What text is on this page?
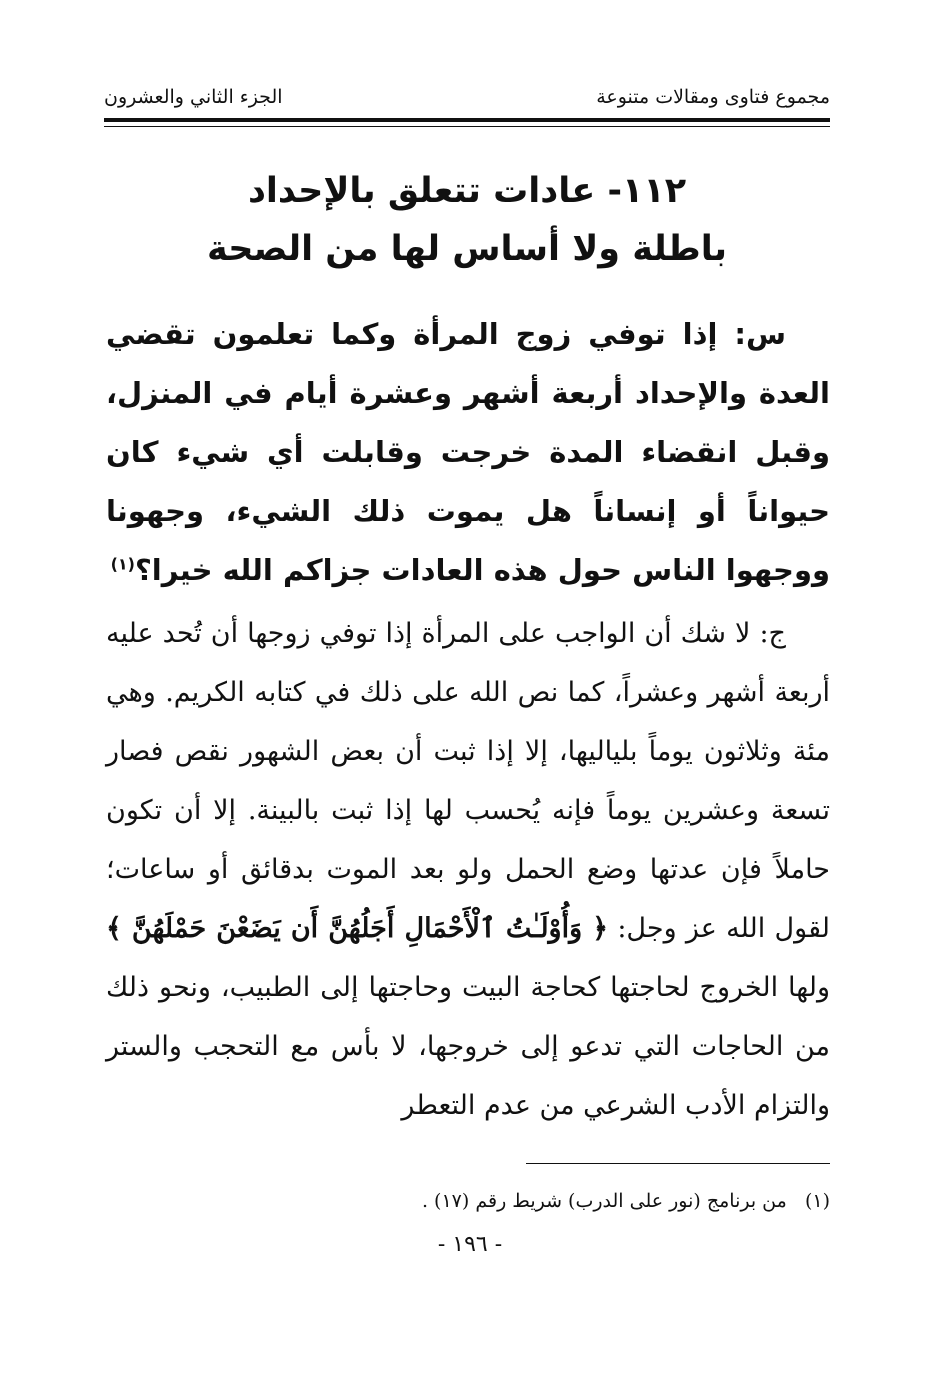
مجموع فتاوى ومقالات متنوعة
الجزء الثاني والعشرون
١١٢- عادات تتعلق بالإحداد
باطلة ولا أساس لها من الصحة
س: إذا توفي زوج المرأة وكما تعلمون تقضي العدة والإحداد أربعة أشهر وعشرة أيام في المنزل، وقبل انقضاء المدة خرجت وقابلت أي شيء كان حيواناً أو إنساناً هل يموت ذلك الشيء، وجهونا ووجهوا الناس حول هذه العادات جزاكم الله خيرا؟$^{(١)}$
ج: لا شك أن الواجب على المرأة إذا توفي زوجها أن تُحد عليه أربعة أشهر وعشراً، كما نص الله على ذلك في كتابه الكريم. وهي مئة وثلاثون يوماً بلياليها، إلا إذا ثبت أن بعض الشهور نقص فصار تسعة وعشرين يوماً فإنه يُحسب لها إذا ثبت بالبينة. إلا أن تكون حاملاً فإن عدتها وضع الحمل ولو بعد الموت بدقائق أو ساعات؛ لقول الله عز وجل: ﴿ وَأُوْلَـٰتُ ٱلْأَحْمَالِ أَجَلُهُنَّ أَن يَضَعْنَ حَمْلَهُنَّ ﴾ ولها الخروج لحاجتها كحاجة البيت وحاجتها إلى الطبيب، ونحو ذلك من الحاجات التي تدعو إلى خروجها، لا بأس مع التحجب والستر والتزام الأدب الشرعي من عدم التعطر
(١)   من برنامج (نور على الدرب) شريط رقم (١٧) .
- ١٩٦ -
